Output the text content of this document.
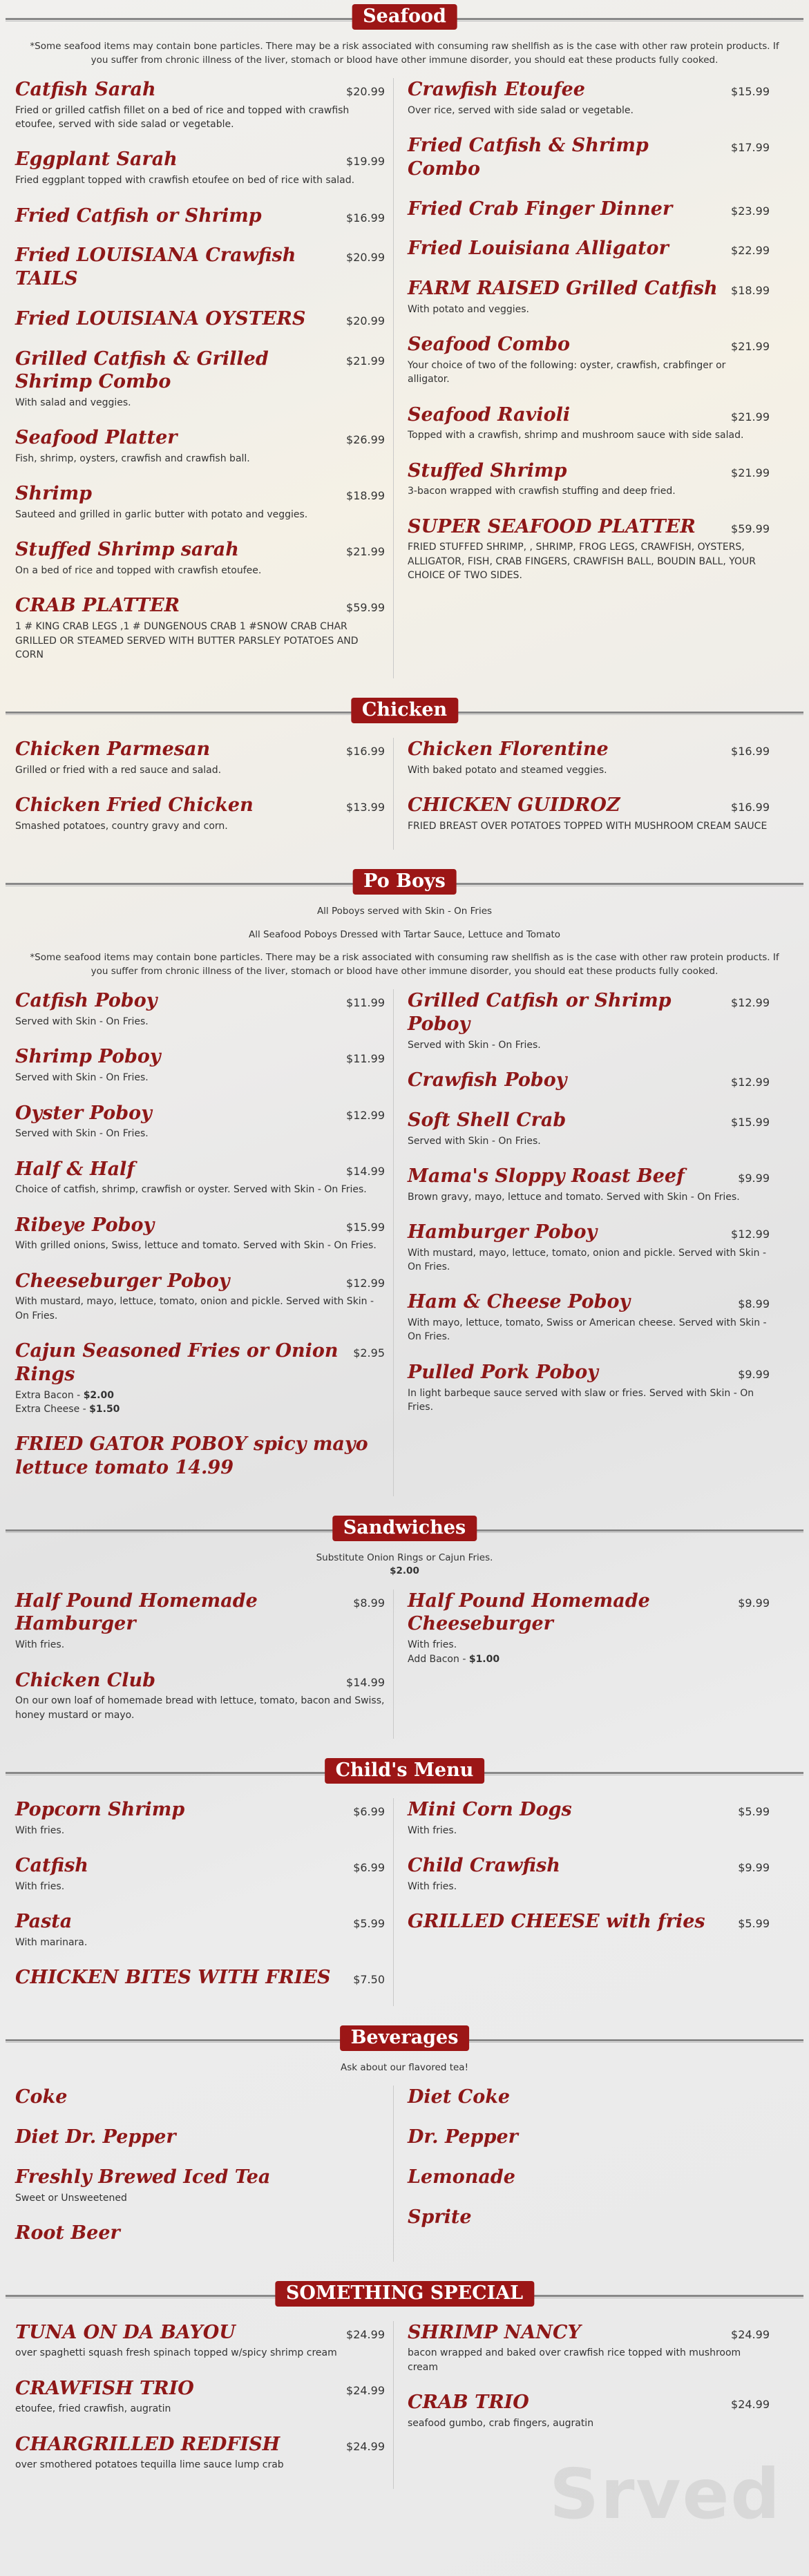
Seafood
*Some seafood items may contain bone particles. There may be a risk associated with consuming raw shellfish as is the case with other raw protein products. If you suffer from chronic illness of the liver, stomach or blood have other immune disorder, you should eat these products fully cooked.
Catfish Sarah	$20.99
Fried or grilled catfish fillet on a bed of rice and topped with crawfish etoufee, served with side salad or vegetable.
Eggplant Sarah	$19.99
Fried eggplant topped with crawfish etoufee on bed of rice with salad.
Fried Catfish or Shrimp	$16.99
Fried LOUISIANA Crawfish TAILS
$20.99
Fried LOUISIANA OYSTERS	$20.99
Grilled Catfish & Grilled Shrimp Combo
$21.99
With salad and veggies.
Seafood Platter	$26.99
Fish, shrimp, oysters, crawfish and crawfish ball.
Shrimp	$18.99
Sauteed and grilled in garlic butter with potato and veggies.
Stuffed Shrimp sarah	$21.99
On a bed of rice and topped with crawfish etoufee.
CRAB PLATTER	$59.99
1 # KING CRAB LEGS ,1 # DUNGENOUS CRAB 1 #SNOW CRAB CHAR GRILLED OR STEAMED SERVED WITH BUTTER PARSLEY POTATOES AND CORN
Crawfish Etoufee	$15.99
Over rice, served with side salad or vegetable.
Fried Catfish & Shrimp Combo
$17.99
Fried Crab Finger Dinner	$23.99
Fried Louisiana Alligator	$22.99
FARM RAISED Grilled Catfish	$18.99
With potato and veggies.
Seafood Combo	$21.99
Your choice of two of the following: oyster, crawfish, crabfinger or alligator.
Seafood Ravioli	$21.99
Topped with a crawfish, shrimp and mushroom sauce with side salad.
Stuffed Shrimp	$21.99
3-bacon wrapped with crawfish stuffing and deep fried.
SUPER SEAFOOD PLATTER	$59.99
FRIED STUFFED SHRIMP, , SHRIMP, FROG LEGS, CRAWFISH, OYSTERS, ALLIGATOR, FISH, CRAB FINGERS, CRAWFISH BALL, BOUDIN BALL, YOUR CHOICE OF TWO SIDES.
Chicken
Chicken Parmesan	$16.99
Grilled or fried with a red sauce and salad.
Chicken Fried Chicken	$13.99
Smashed potatoes, country gravy and corn.
Chicken Florentine	$16.99
With baked potato and steamed veggies.
CHICKEN GUIDROZ	$16.99
FRIED BREAST OVER POTATOES TOPPED WITH MUSHROOM CREAM SAUCE
Po Boys
All Poboys served with Skin - On Fries
All Seafood Poboys Dressed with Tartar Sauce, Lettuce and Tomato
*Some seafood items may contain bone particles. There may be a risk associated with consuming raw shellfish as is the case with other raw protein products. If you suffer from chronic illness of the liver, stomach or blood have other immune disorder, you should eat these products fully cooked.
Catfish Poboy	$11.99
Served with Skin - On Fries.
Shrimp Poboy	$11.99
Served with Skin - On Fries.
Oyster Poboy	$12.99
Served with Skin - On Fries.
Half & Half	$14.99
Choice of catfish, shrimp, crawfish or oyster. Served with Skin - On Fries.
Ribeye Poboy	$15.99
With grilled onions, Swiss, lettuce and tomato. Served with Skin - On Fries.
Cheeseburger Poboy	$12.99
With mustard, mayo, lettuce, tomato, onion and pickle. Served with Skin - On Fries.
Cajun Seasoned Fries or Onion Rings
$2.95
Extra Bacon - $2.00
Extra Cheese - $1.50
FRIED GATOR POBOY spicy mayo lettuce tomato 14.99
Grilled Catfish or Shrimp Poboy
$12.99
Served with Skin - On Fries.
Crawfish Poboy	$12.99
Soft Shell Crab	$15.99
Served with Skin - On Fries.
Mama's Sloppy Roast Beef	$9.99
Brown gravy, mayo, lettuce and tomato. Served with Skin - On Fries.
Hamburger Poboy	$12.99
With mustard, mayo, lettuce, tomato, onion and pickle. Served with Skin - On Fries.
Ham & Cheese Poboy	$8.99
With mayo, lettuce, tomato, Swiss or American cheese. Served with Skin - On Fries.
Pulled Pork Poboy	$9.99
In light barbeque sauce served with slaw or fries. Served with Skin - On Fries.
Sandwiches
Substitute Onion Rings or Cajun Fries.
$2.00
Half Pound Homemade Hamburger
$8.99
With fries.
Chicken Club	$14.99
On our own loaf of homemade bread with lettuce, tomato, bacon and Swiss, honey mustard or mayo.
Half Pound Homemade Cheeseburger
$9.99
With fries.
Add Bacon - $1.00
Child's Menu
Popcorn Shrimp	$6.99
With fries.
Catfish	$6.99
With fries.
Pasta	$5.99
With marinara.
CHICKEN BITES WITH FRIES	$7.50
Mini Corn Dogs	$5.99
With fries.
Child Crawfish	$9.99
With fries.
GRILLED CHEESE with fries	$5.99
Beverages
Ask about our flavored tea!
Coke
Diet Dr. Pepper
Freshly Brewed Iced Tea
Sweet or Unsweetened
Root Beer
Diet Coke
Dr. Pepper
Lemonade
Sprite
SOMETHING SPECIAL
TUNA ON DA BAYOU	$24.99
over spaghetti squash fresh spinach topped w/spicy shrimp cream
CRAWFISH TRIO	$24.99
etoufee, fried crawfish, augratin
CHARGRILLED REDFISH	$24.99
over smothered potatoes tequilla lime sauce lump crab
SHRIMP NANCY	$24.99
bacon wrapped and baked over crawfish rice topped with mushroom cream
CRAB TRIO	$24.99
seafood gumbo, crab fingers, augratin
Srved
